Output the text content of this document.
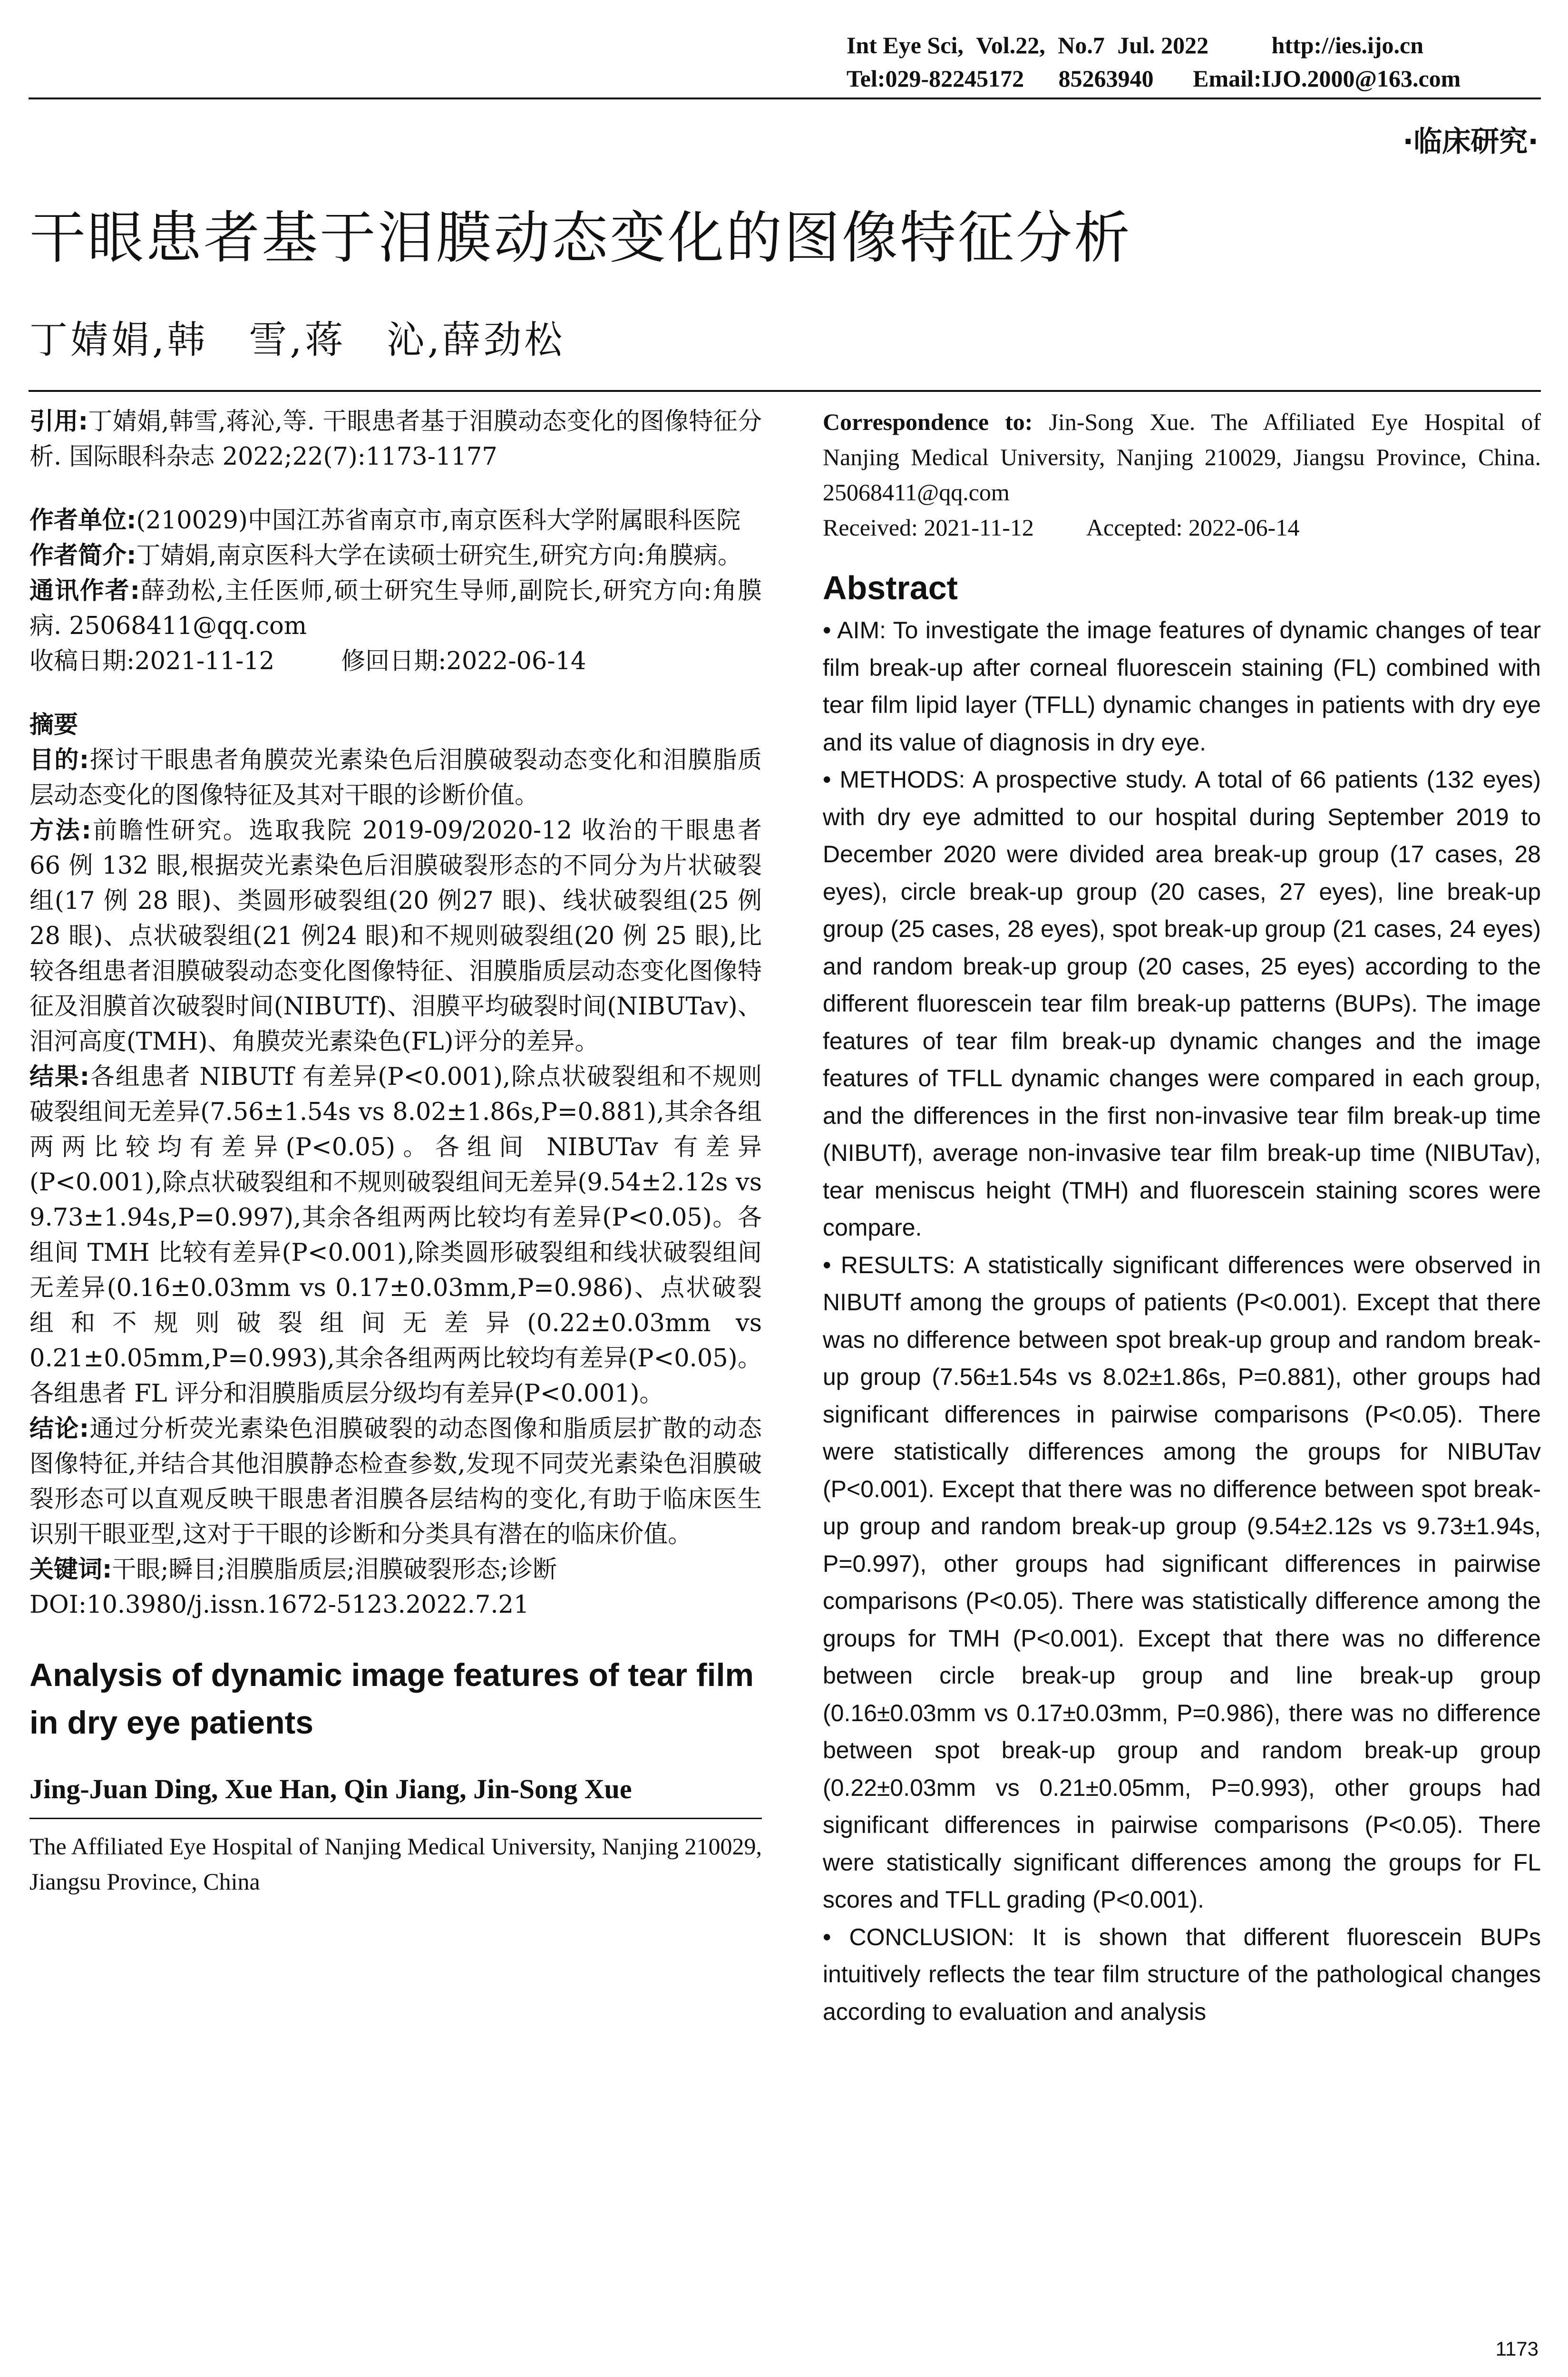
Int Eye Sci, Vol.22, No.7 Jul. 2022	http://ies.ijo.cn
Tel:029-82245172 85263940 Email:IJO.2000@163.com
·临床研究·
干眼患者基于泪膜动态变化的图像特征分析
丁婧娟,韩　雪,蒋　沁,薛劲松

引用:丁婧娟,韩雪,蒋沁,等. 干眼患者基于泪膜动态变化的图像特征分析. 国际眼科杂志 2022;22(7):1173-1177

作者单位:(210029)中国江苏省南京市,南京医科大学附属眼科医院

作者简介:丁婧娟,南京医科大学在读硕士研究生,研究方向:角膜病。

通讯作者:薛劲松,主任医师,硕士研究生导师,副院长,研究方向:角膜病. 25068411@qq.com

收稿日期:2021-11-12	修回日期:2022-06-14

摘要

目的:探讨干眼患者角膜荧光素染色后泪膜破裂动态变化和泪膜脂质层动态变化的图像特征及其对干眼的诊断价值。

方法:前瞻性研究。选取我院 2019-09/2020-12 收治的干眼患者 66 例 132 眼,根据荧光素染色后泪膜破裂形态的不同分为片状破裂组(17 例 28 眼)、类圆形破裂组(20 例27 眼)、线状破裂组(25 例 28 眼)、点状破裂组(21 例24 眼)和不规则破裂组(20 例 25 眼),比较各组患者泪膜破裂动态变化图像特征、泪膜脂质层动态变化图像特征及泪膜首次破裂时间(NIBUTf)、泪膜平均破裂时间(NIBUTav)、泪河高度(TMH)、角膜荧光素染色(FL)评分的差异。

结果:各组患者 NIBUTf 有差异(P<0.001),除点状破裂组和不规则破裂组间无差异(7.56±1.54s vs 8.02±1.86s,P=0.881),其余各组两两比较均有差异(P<0.05)。各组间 NIBUTav 有差异(P<0.001),除点状破裂组和不规则破裂组间无差异(9.54±2.12s vs 9.73±1.94s,P=0.997),其余各组两两比较均有差异(P<0.05)。各组间 TMH 比较有差异(P<0.001),除类圆形破裂组和线状破裂组间无差异(0.16±0.03mm vs 0.17±0.03mm,P=0.986)、点状破裂组和不规则破裂组间无差异(0.22±0.03mm vs 0.21±0.05mm,P=0.993),其余各组两两比较均有差异(P<0.05)。各组患者 FL 评分和泪膜脂质层分级均有差异(P<0.001)。

结论:通过分析荧光素染色泪膜破裂的动态图像和脂质层扩散的动态图像特征,并结合其他泪膜静态检查参数,发现不同荧光素染色泪膜破裂形态可以直观反映干眼患者泪膜各层结构的变化,有助于临床医生识别干眼亚型,这对于干眼的诊断和分类具有潜在的临床价值。

关键词:干眼;瞬目;泪膜脂质层;泪膜破裂形态;诊断

DOI:10.3980/j.issn.1672-5123.2022.7.21

Analysis of dynamic image features of tear film in dry eye patients
Jing-Juan Ding, Xue Han, Qin Jiang, Jin-Song Xue

The Affiliated Eye Hospital of Nanjing Medical University, Nanjing 210029, Jiangsu Province, China

Correspondence to: Jin-Song Xue. The Affiliated Eye Hospital of Nanjing Medical University, Nanjing 210029, Jiangsu Province, China. 25068411@qq.com

Received: 2021-11-12 Accepted: 2022-06-14

Abstract

• AIM: To investigate the image features of dynamic changes of tear film break-up after corneal fluorescein staining (FL) combined with tear film lipid layer (TFLL) dynamic changes in patients with dry eye and its value of diagnosis in dry eye.

• METHODS: A prospective study. A total of 66 patients (132 eyes) with dry eye admitted to our hospital during September 2019 to December 2020 were divided area break-up group (17 cases, 28 eyes), circle break-up group (20 cases, 27 eyes), line break-up group (25 cases, 28 eyes), spot break-up group (21 cases, 24 eyes) and random break-up group (20 cases, 25 eyes) according to the different fluorescein tear film break-up patterns (BUPs). The image features of tear film break-up dynamic changes and the image features of TFLL dynamic changes were compared in each group, and the differences in the first non-invasive tear film break-up time (NIBUTf), average non-invasive tear film break-up time (NIBUTav), tear meniscus height (TMH) and fluorescein staining scores were compare.

• RESULTS: A statistically significant differences were observed in NIBUTf among the groups of patients (P<0.001). Except that there was no difference between spot break-up group and random break-up group (7.56±1.54s vs 8.02±1.86s, P=0.881), other groups had significant differences in pairwise comparisons (P<0.05). There were statistically differences among the groups for NIBUTav (P<0.001). Except that there was no difference between spot break-up group and random break-up group (9.54±2.12s vs 9.73±1.94s, P=0.997), other groups had significant differences in pairwise comparisons (P<0.05). There was statistically difference among the groups for TMH (P<0.001). Except that there was no difference between circle break-up group and line break-up group (0.16±0.03mm vs 0.17±0.03mm, P=0.986), there was no difference between spot break-up group and random break-up group (0.22±0.03mm vs 0.21±0.05mm, P=0.993), other groups had significant differences in pairwise comparisons (P<0.05). There were statistically significant differences among the groups for FL scores and TFLL grading (P<0.001).

• CONCLUSION: It is shown that different fluorescein BUPs intuitively reflects the tear film structure of the pathological changes according to evaluation and analysis

1173
